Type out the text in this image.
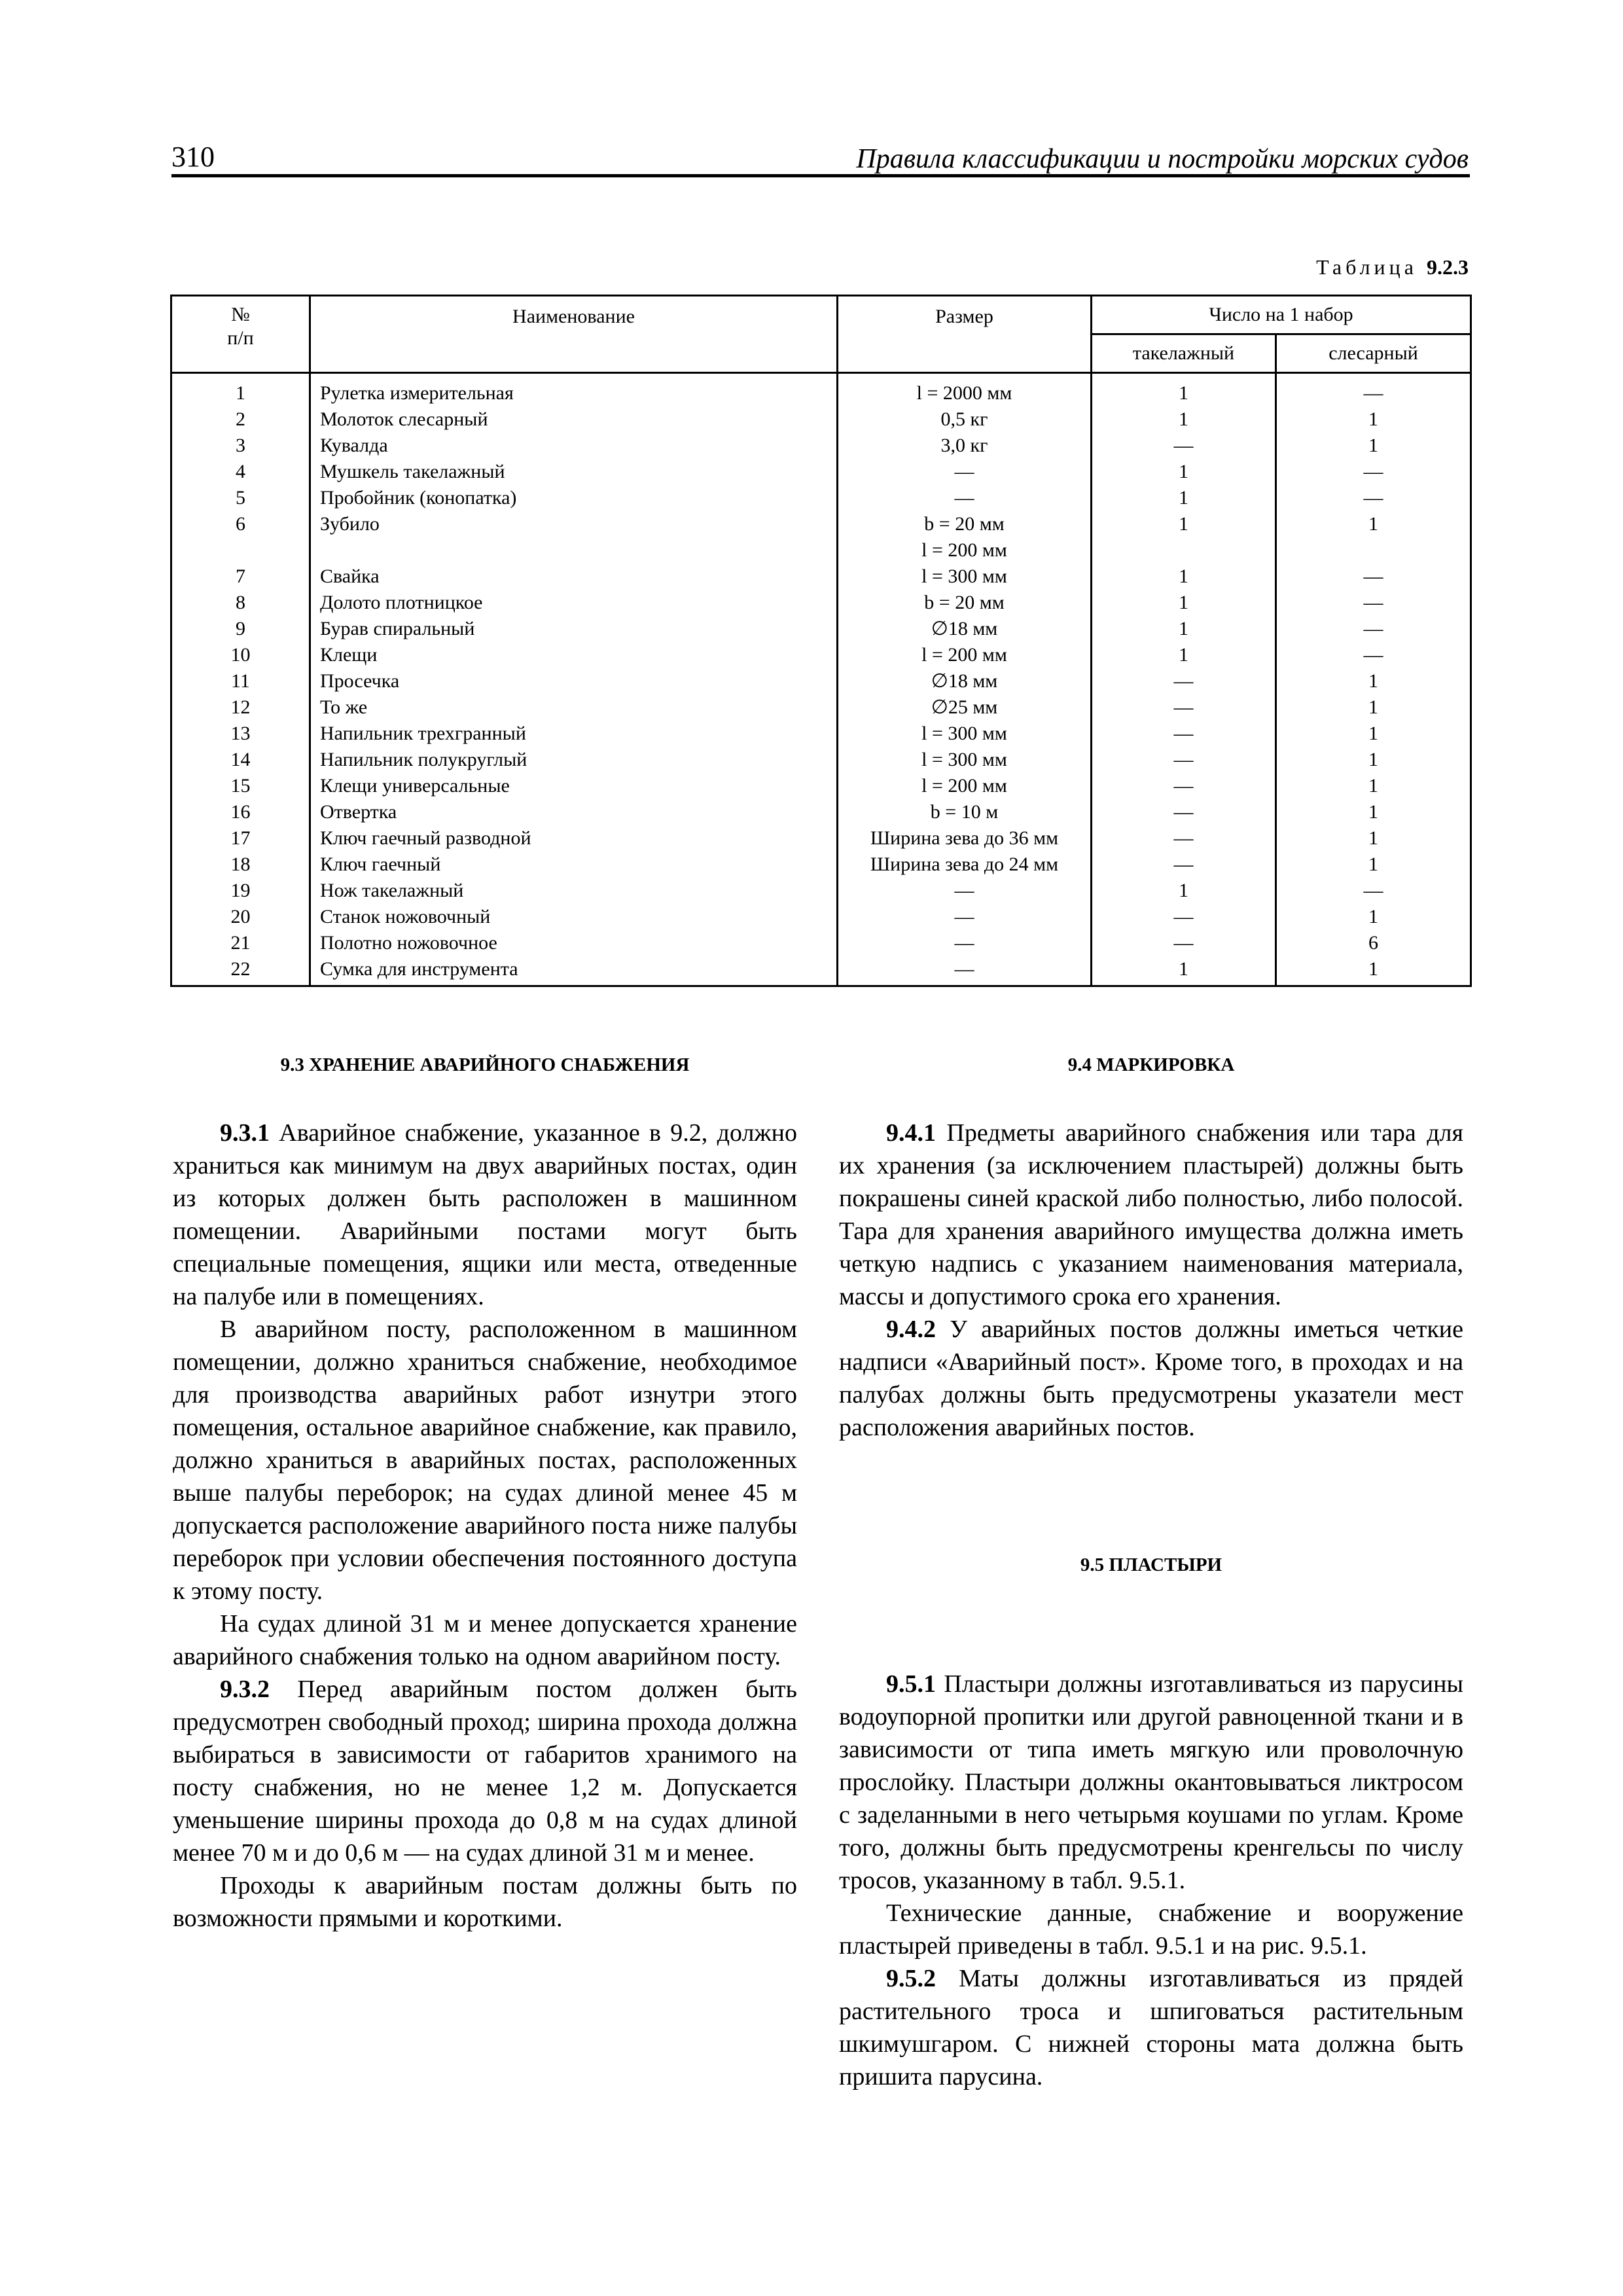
310	Правила классификации и постройки морских судов
Таблица 9.2.3
№
п/п	Наименование	Размер	Число на 1 набор	
			такелажный	слесарный
1	Рулетка измерительная	l = 2000 мм	1	—
2	Молоток слесарный	0,5 кг	1	1
3	Кувалда	3,0 кг	—	1
4	Мушкель такелажный	—	1	—
5	Пробойник (конопатка)	—	1	—
6	Зубило	b = 20 мм	1	1
		l = 200 мм		
7	Свайка	l = 300 мм	1	—
8	Долото плотницкое	b = 20 мм	1	—
9	Бурав спиральный	∅18 мм	1	—
10	Клещи	l = 200 мм	1	—
11	Просечка	∅18 мм	—	1
12	То же	∅25 мм	—	1
13	Напильник трехгранный	l = 300 мм	—	1
14	Напильник полукруглый	l = 300 мм	—	1
15	Клещи универсальные	l = 200 мм	—	1
16	Отвертка	b = 10 м	—	1
17	Ключ гаечный разводной	Ширина зева до 36 мм	—	1
18	Ключ гаечный	Ширина зева до 24 мм	—	1
19	Нож такелажный	—	1	—
20	Станок ножовочный	—	—	1
21	Полотно ножовочное	—	—	6
22	Сумка для инструмента	—	1	1
9.3 ХРАНЕНИЕ АВАРИЙНОГО СНАБЖЕНИЯ

9.3.1 Аварийное снабжение, указанное в 9.2, должно храниться как минимум на двух аварийных постах, один из которых должен быть расположен в машинном помещении. Аварийными постами могут быть специальные помещения, ящики или места, отведенные на палубе или в помещениях.

В аварийном посту, расположенном в машинном помещении, должно храниться снабжение, необходимое для производства аварийных работ изнутри этого помещения, остальное аварийное снабжение, как правило, должно храниться в аварийных постах, расположенных выше палубы переборок; на судах длиной менее 45 м допускается расположение аварийного поста ниже палубы переборок при условии обеспечения постоянного доступа к этому посту.

На судах длиной 31 м и менее допускается хранение аварийного снабжения только на одном аварийном посту.

9.3.2 Перед аварийным постом должен быть предусмотрен свободный проход; ширина прохода должна выбираться в зависимости от габаритов хранимого на посту снабжения, но не менее 1,2 м. Допускается уменьшение ширины прохода до 0,8 м на судах длиной менее 70 м и до 0,6 м — на судах длиной 31 м и менее.

Проходы к аварийным постам должны быть по возможности прямыми и короткими.

9.4 МАРКИРОВКА

9.4.1 Предметы аварийного снабжения или тара для их хранения (за исключением пластырей) должны быть покрашены синей краской либо полностью, либо полосой. Тара для хранения аварийного имущества должна иметь четкую надпись с указанием наименования материала, массы и допустимого срока его хранения.

9.4.2 У аварийных постов должны иметься четкие надписи «Аварийный пост». Кроме того, в проходах и на палубах должны быть предусмотрены указатели мест расположения аварийных постов.

9.5 ПЛАСТЫРИ

9.5.1 Пластыри должны изготавливаться из парусины водоупорной пропитки или другой равноценной ткани и в зависимости от типа иметь мягкую или проволочную прослойку. Пластыри должны окантовываться ликтросом с заделанными в него четырьмя коушами по углам. Кроме того, должны быть предусмотрены кренгельсы по числу тросов, указанному в табл. 9.5.1.

Технические данные, снабжение и вооружение пластырей приведены в табл. 9.5.1 и на рис. 9.5.1.

9.5.2 Маты должны изготавливаться из прядей растительного троса и шпиговаться растительным шкимушгаром. С нижней стороны мата должна быть пришита парусина.
